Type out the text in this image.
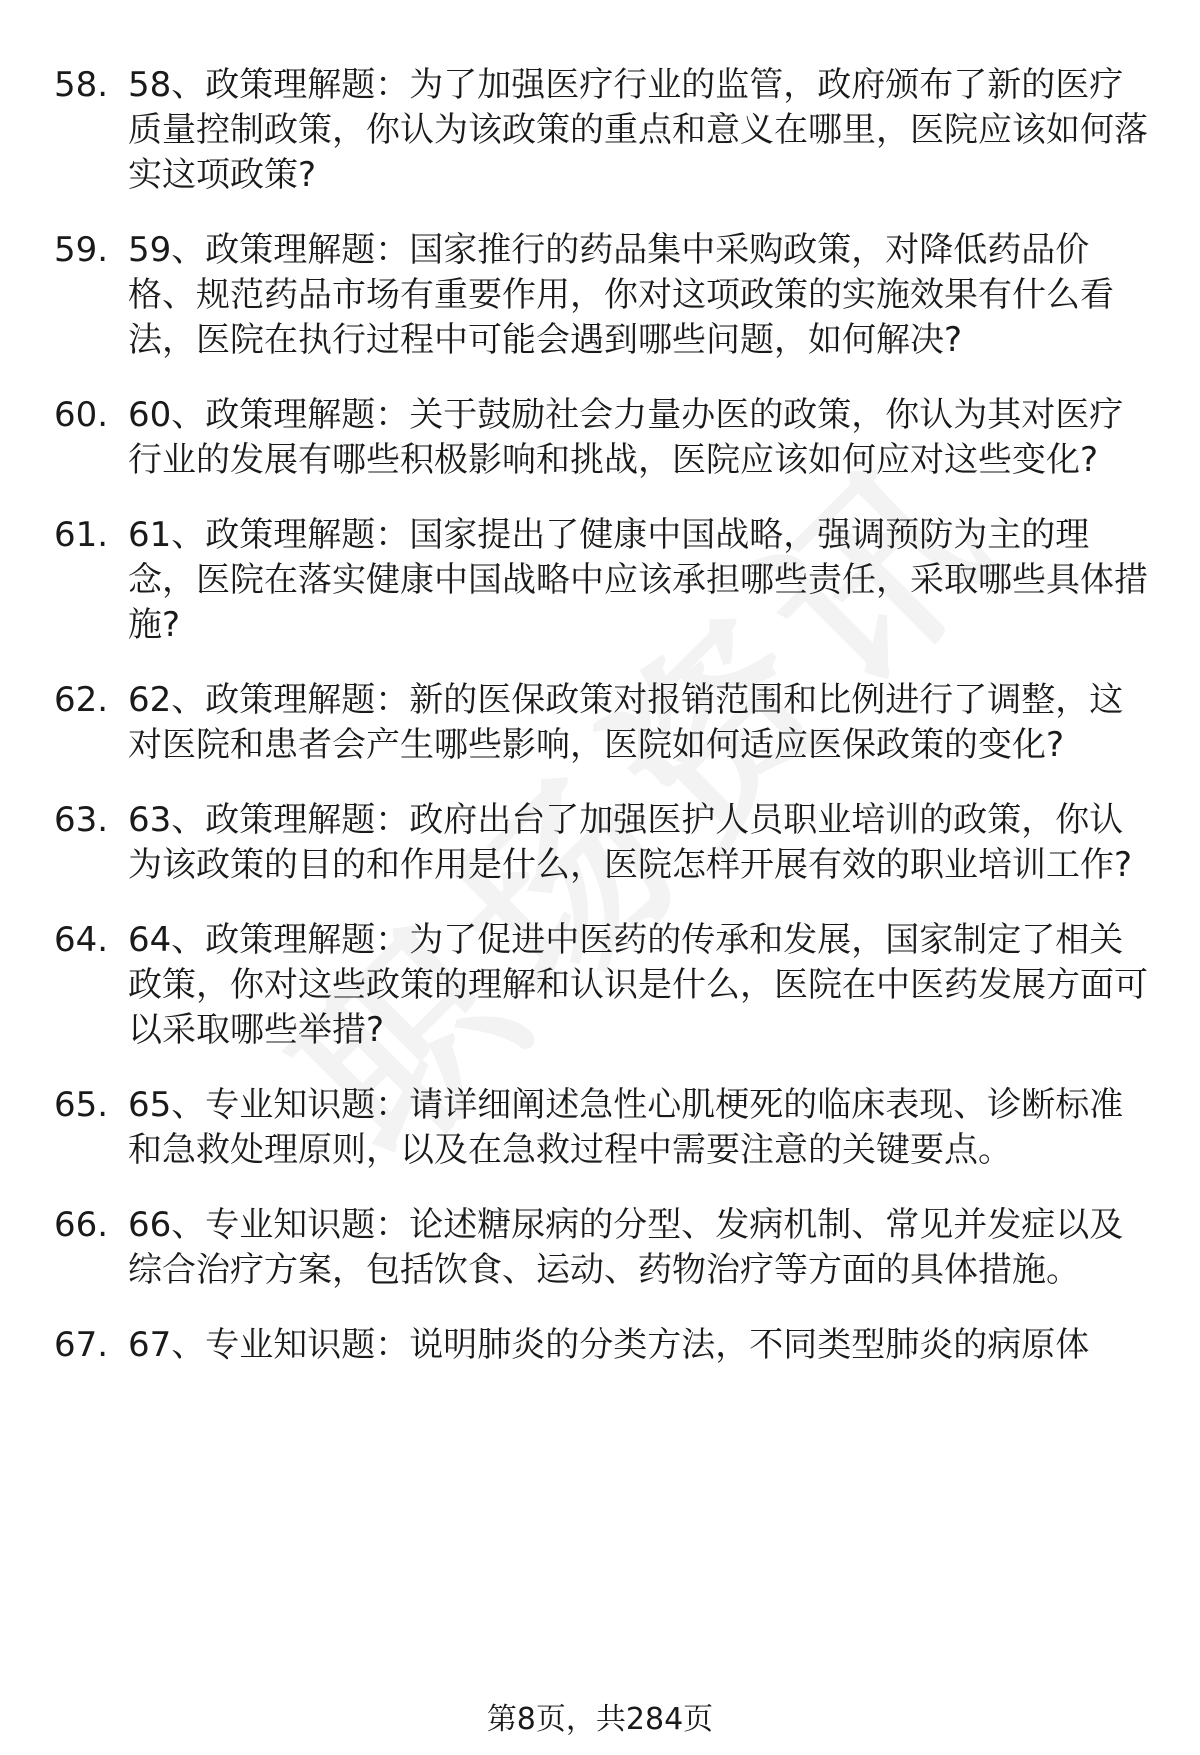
58. 58、政策理解题：为了加强医疗行业的监管，政府颁布了新的医疗质量控制政策，你认为该政策的重点和意义在哪里，医院应该如何落实这项政策?
59. 59、政策理解题：国家推行的药品集中采购政策，对降低药品价格、规范药品市场有重要作用，你对这项政策的实施效果有什么看法，医院在执行过程中可能会遇到哪些问题，如何解决?
60. 60、政策理解题：关于鼓励社会力量办医的政策，你认为其对医疗行业的发展有哪些积极影响和挑战，医院应该如何应对这些变化?
61. 61、政策理解题：国家提出了健康中国战略，强调预防为主的理念，医院在落实健康中国战略中应该承担哪些责任，采取哪些具体措施?
62. 62、政策理解题：新的医保政策对报销范围和比例进行了调整，这对医院和患者会产生哪些影响，医院如何适应医保政策的变化?
63. 63、政策理解题：政府出台了加强医护人员职业培训的政策，你认为该政策的目的和作用是什么，医院怎样开展有效的职业培训工作?
64. 64、政策理解题：为了促进中医药的传承和发展，国家制定了相关政策，你对这些政策的理解和认识是什么，医院在中医药发展方面可以采取哪些举措?
65. 65、专业知识题：请详细阐述急性心肌梗死的临床表现、诊断标准和急救处理原则，以及在急救过程中需要注意的关键要点。
66. 66、专业知识题：论述糖尿病的分型、发病机制、常见并发症以及综合治疗方案，包括饮食、运动、药物治疗等方面的具体措施。
67. 67、专业知识题：说明肺炎的分类方法，不同类型肺炎的病原体
第8页，共284页
